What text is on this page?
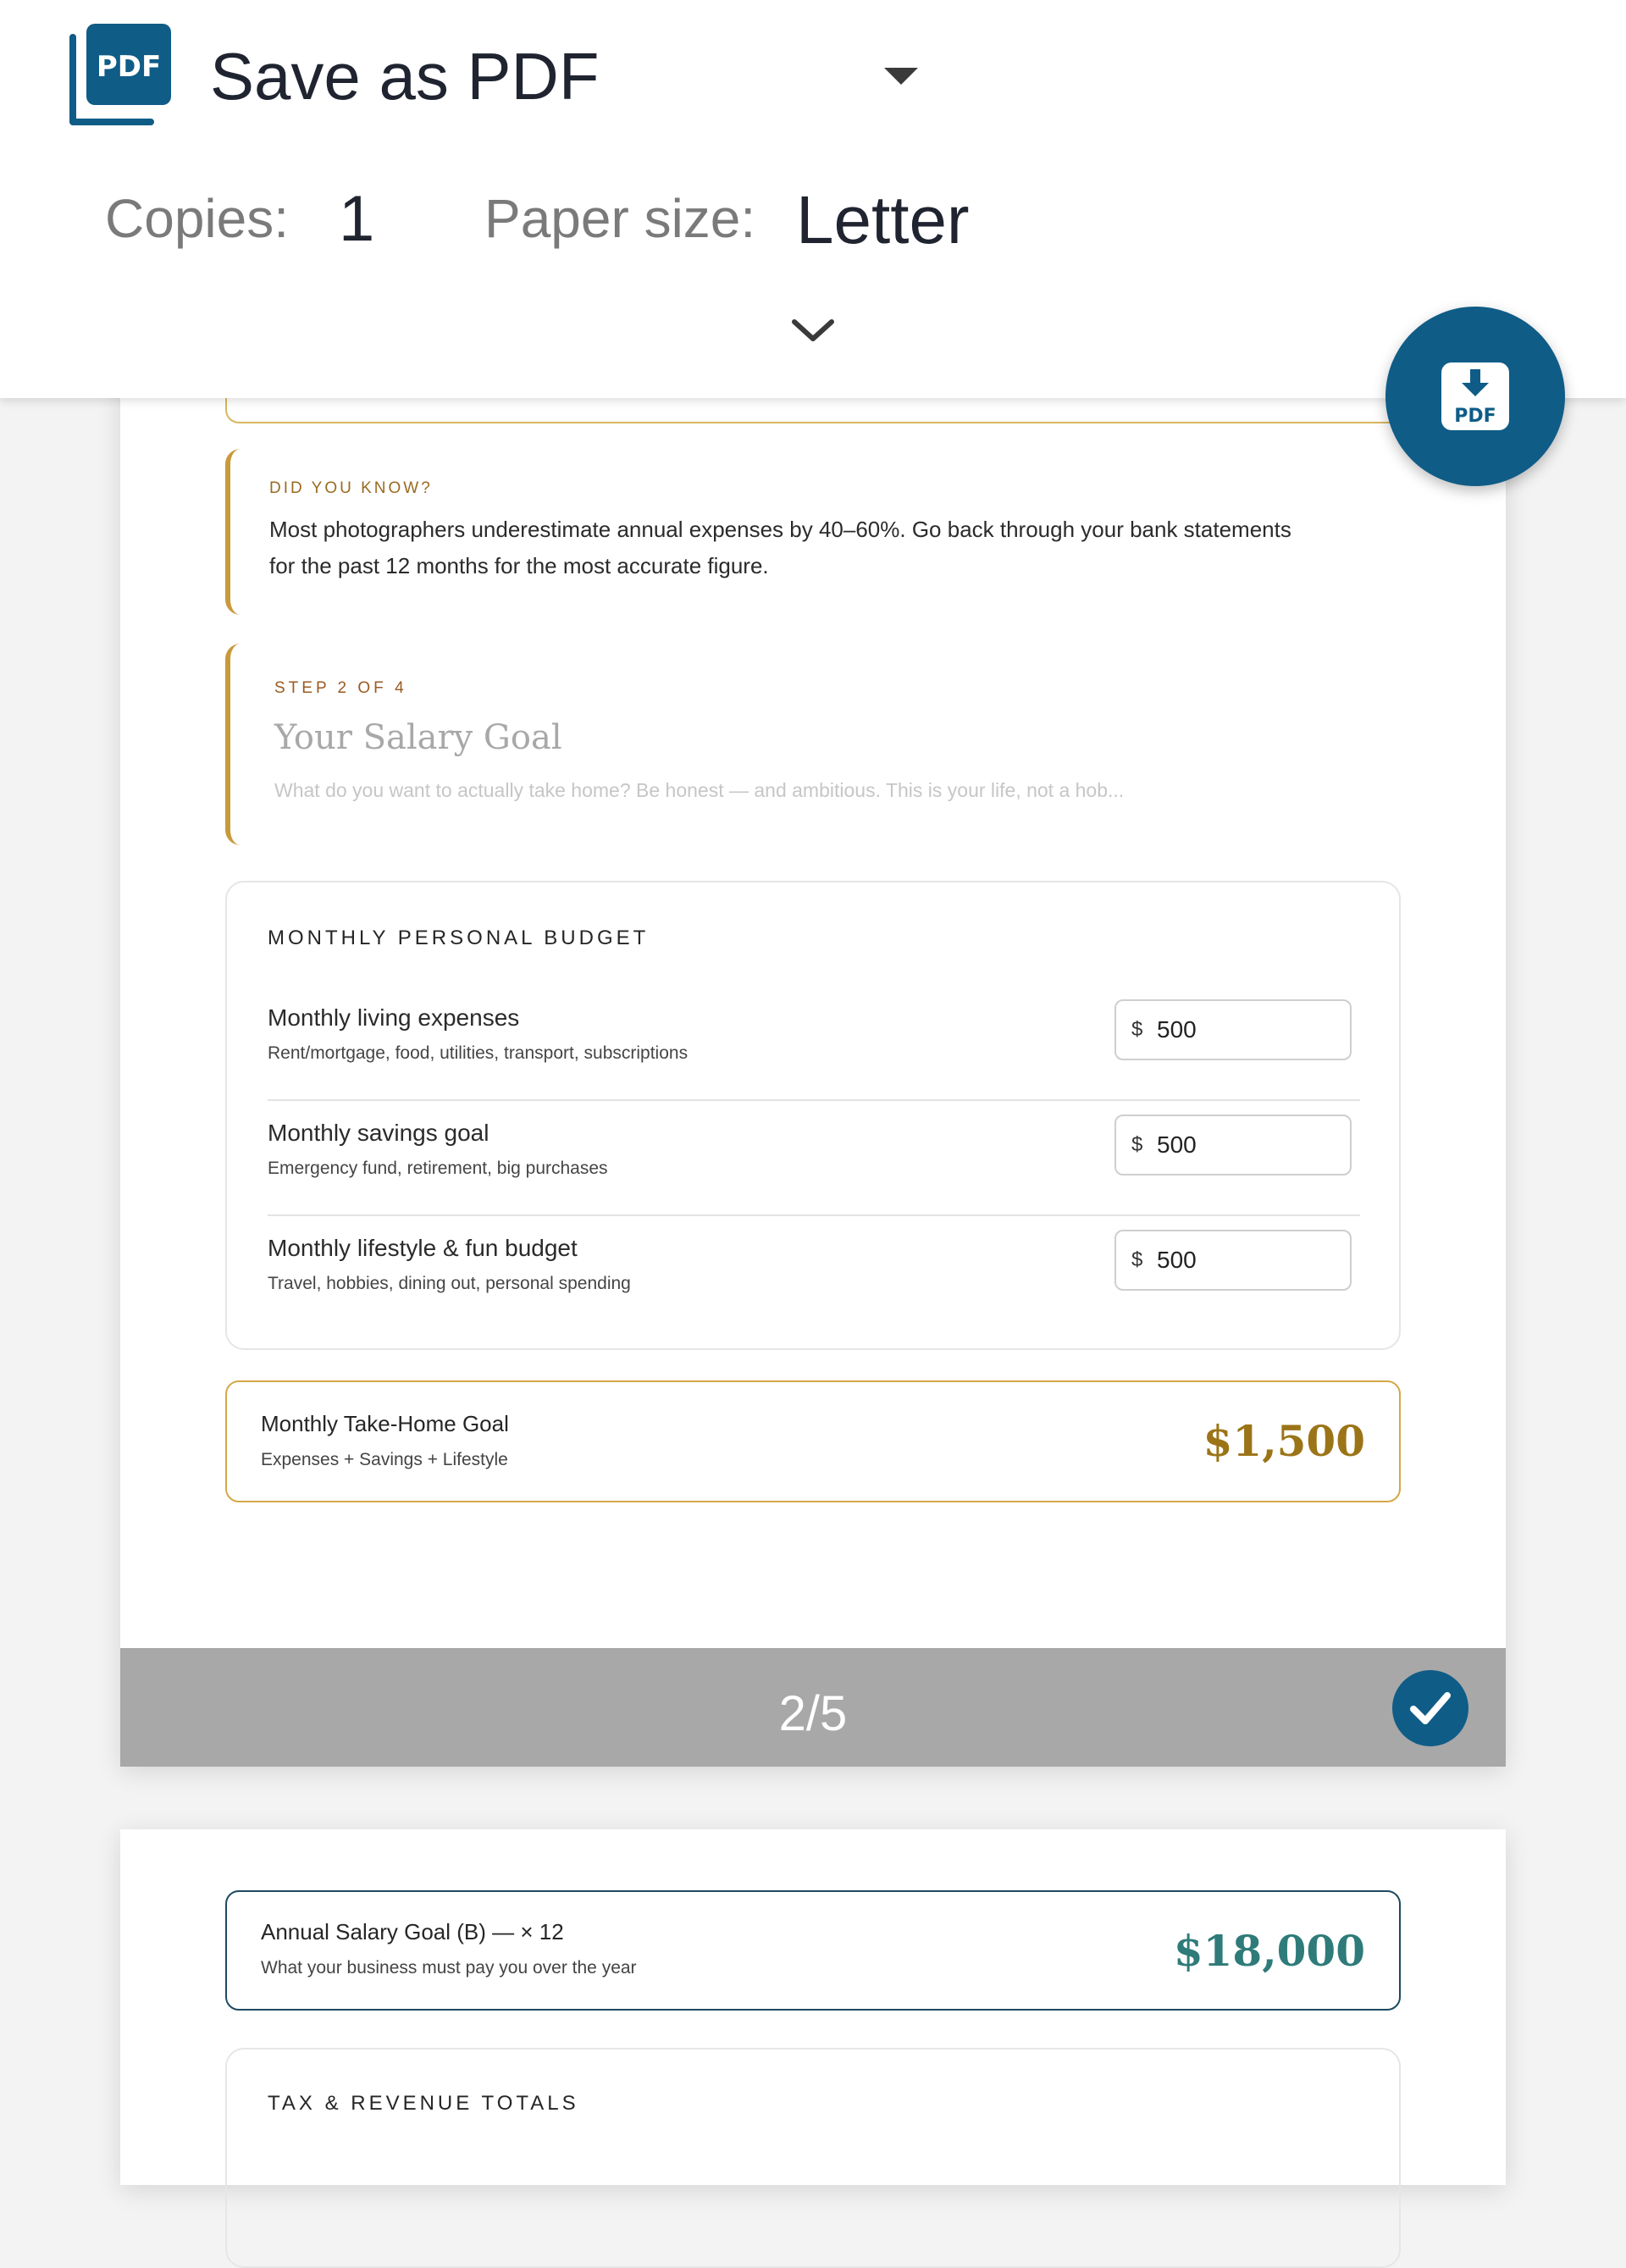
DID YOU KNOW?
Most photographers underestimate annual expenses by 40–60%. Go back through your bank statements for the past 12 months for the most accurate figure.
STEP 2 OF 4
Your Salary Goal
What do you want to actually take home? Be honest — and ambitious. This is your life, not a hob...
MONTHLY PERSONAL BUDGET
Monthly living expenses
Rent/mortgage, food, utilities, transport, subscriptions
$ 500
Monthly savings goal
Emergency fund, retirement, big purchases
$ 500
Monthly lifestyle & fun budget
Travel, hobbies, dining out, personal spending
$ 500
Monthly Take-Home Goal
Expenses + Savings + Lifestyle	$1,500
2/5
Annual Salary Goal (B) — × 12
What your business must pay you over the year	$18,000
TAX & REVENUE TOTALS
PDF Save as PDF
Copies: 1 Paper size: Letter
PDF
